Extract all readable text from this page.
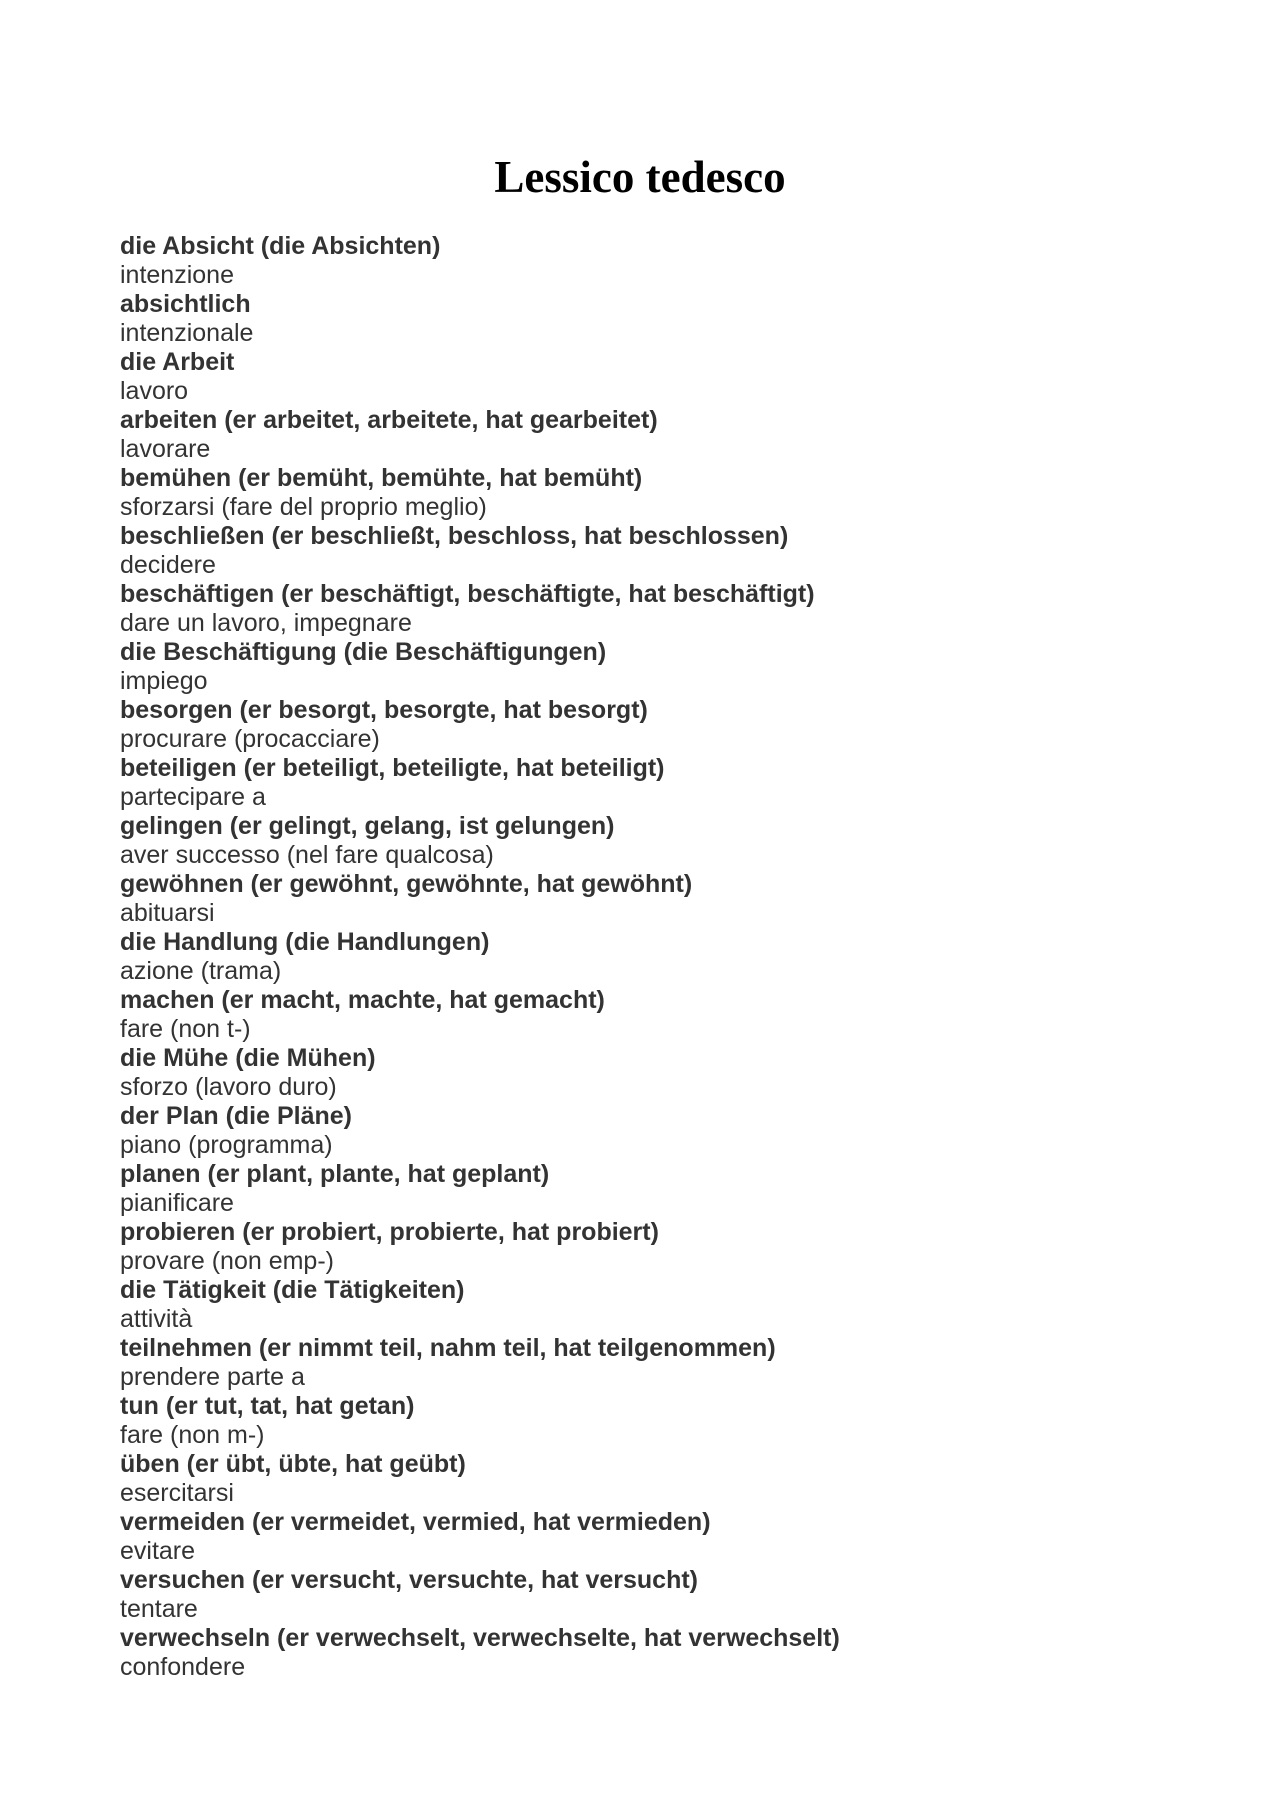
Lessico tedesco
die Absicht (die Absichten)
intenzione
absichtlich
intenzionale
die Arbeit
lavoro
arbeiten (er arbeitet, arbeitete, hat gearbeitet)
lavorare
bemühen (er bemüht, bemühte, hat bemüht)
sforzarsi (fare del proprio meglio)
beschließen (er beschließt, beschloss, hat beschlossen)
decidere
beschäftigen (er beschäftigt, beschäftigte, hat beschäftigt)
dare un lavoro, impegnare
die Beschäftigung (die Beschäftigungen)
impiego
besorgen (er besorgt, besorgte, hat besorgt)
procurare (procacciare)
beteiligen (er beteiligt, beteiligte, hat beteiligt)
partecipare a
gelingen (er gelingt, gelang, ist gelungen)
aver successo (nel fare qualcosa)
gewöhnen (er gewöhnt, gewöhnte, hat gewöhnt)
abituarsi
die Handlung (die Handlungen)
azione (trama)
machen (er macht, machte, hat gemacht)
fare (non t-)
die Mühe (die Mühen)
sforzo (lavoro duro)
der Plan (die Pläne)
piano (programma)
planen (er plant, plante, hat geplant)
pianificare
probieren (er probiert, probierte, hat probiert)
provare (non emp-)
die Tätigkeit (die Tätigkeiten)
attività
teilnehmen (er nimmt teil, nahm teil, hat teilgenommen)
prendere parte a
tun (er tut, tat, hat getan)
fare (non m-)
üben (er übt, übte, hat geübt)
esercitarsi
vermeiden (er vermeidet, vermied, hat vermieden)
evitare
versuchen (er versucht, versuchte, hat versucht)
tentare
verwechseln (er verwechselt, verwechselte, hat verwechselt)
confondere
